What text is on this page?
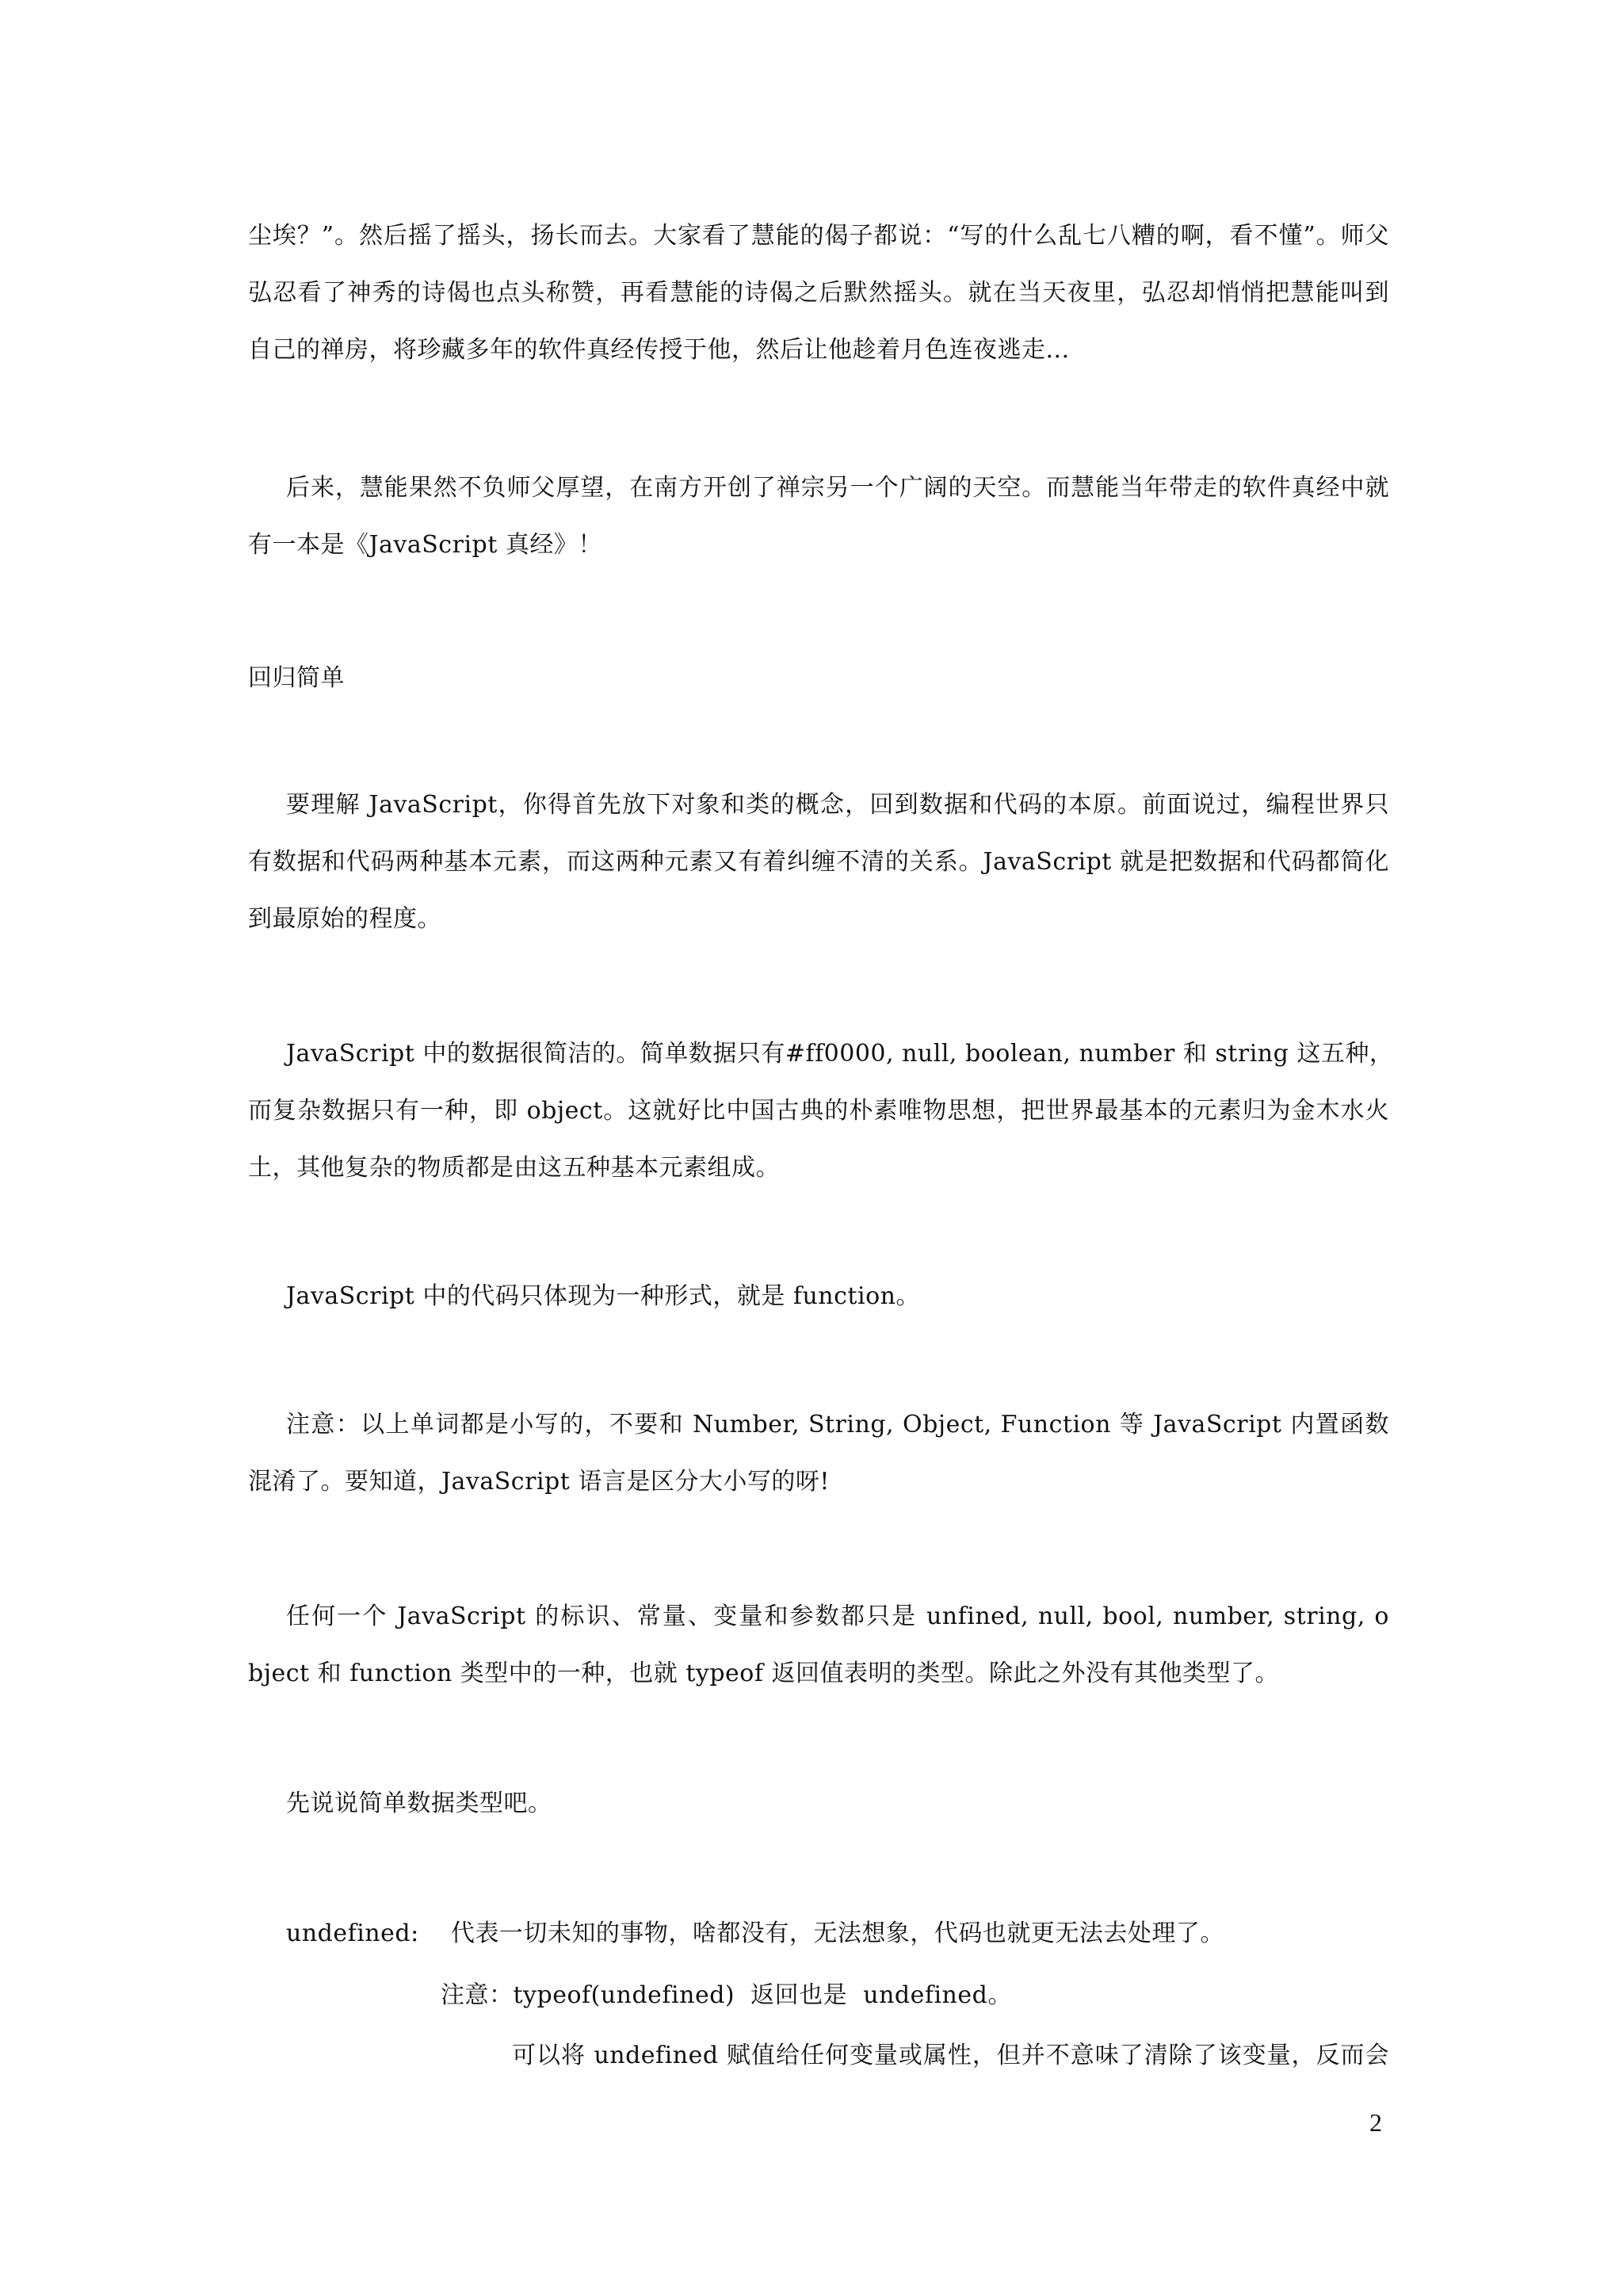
尘埃？”。然后摇了摇头，扬长而去。大家看了慧能的偈子都说：“写的什么乱七八糟的啊，看不懂”。师父
弘忍看了神秀的诗偈也点头称赞，再看慧能的诗偈之后默然摇头。就在当天夜里，弘忍却悄悄把慧能叫到
自己的禅房，将珍藏多年的软件真经传授于他，然后让他趁着月色连夜逃走...
后来，慧能果然不负师父厚望，在南方开创了禅宗另一个广阔的天空。而慧能当年带走的软件真经中就
有一本是《JavaScript 真经》！
回归简单
要理解 JavaScript，你得首先放下对象和类的概念，回到数据和代码的本原。前面说过，编程世界只
有数据和代码两种基本元素，而这两种元素又有着纠缠不清的关系。JavaScript 就是把数据和代码都简化
到最原始的程度。
JavaScript 中的数据很简洁的。简单数据只有#ff0000, null, boolean, number 和 string 这五种，
而复杂数据只有一种，即 object。这就好比中国古典的朴素唯物思想，把世界最基本的元素归为金木水火
土，其他复杂的物质都是由这五种基本元素组成。
JavaScript 中的代码只体现为一种形式，就是 function。
注意：以上单词都是小写的，不要和 Number, String, Object, Function 等 JavaScript 内置函数
混淆了。要知道，JavaScript 语言是区分大小写的呀!
任何一个 JavaScript 的标识、常量、变量和参数都只是 unfined, null, bool, number, string, o
bject 和 function 类型中的一种，也就 typeof 返回值表明的类型。除此之外没有其他类型了。
先说说简单数据类型吧。
undefined:    代表一切未知的事物，啥都没有，无法想象，代码也就更无法去处理了。
注意：typeof(undefined)  返回也是  undefined。
可以将 undefined 赋值给任何变量或属性，但并不意味了清除了该变量，反而会
2
